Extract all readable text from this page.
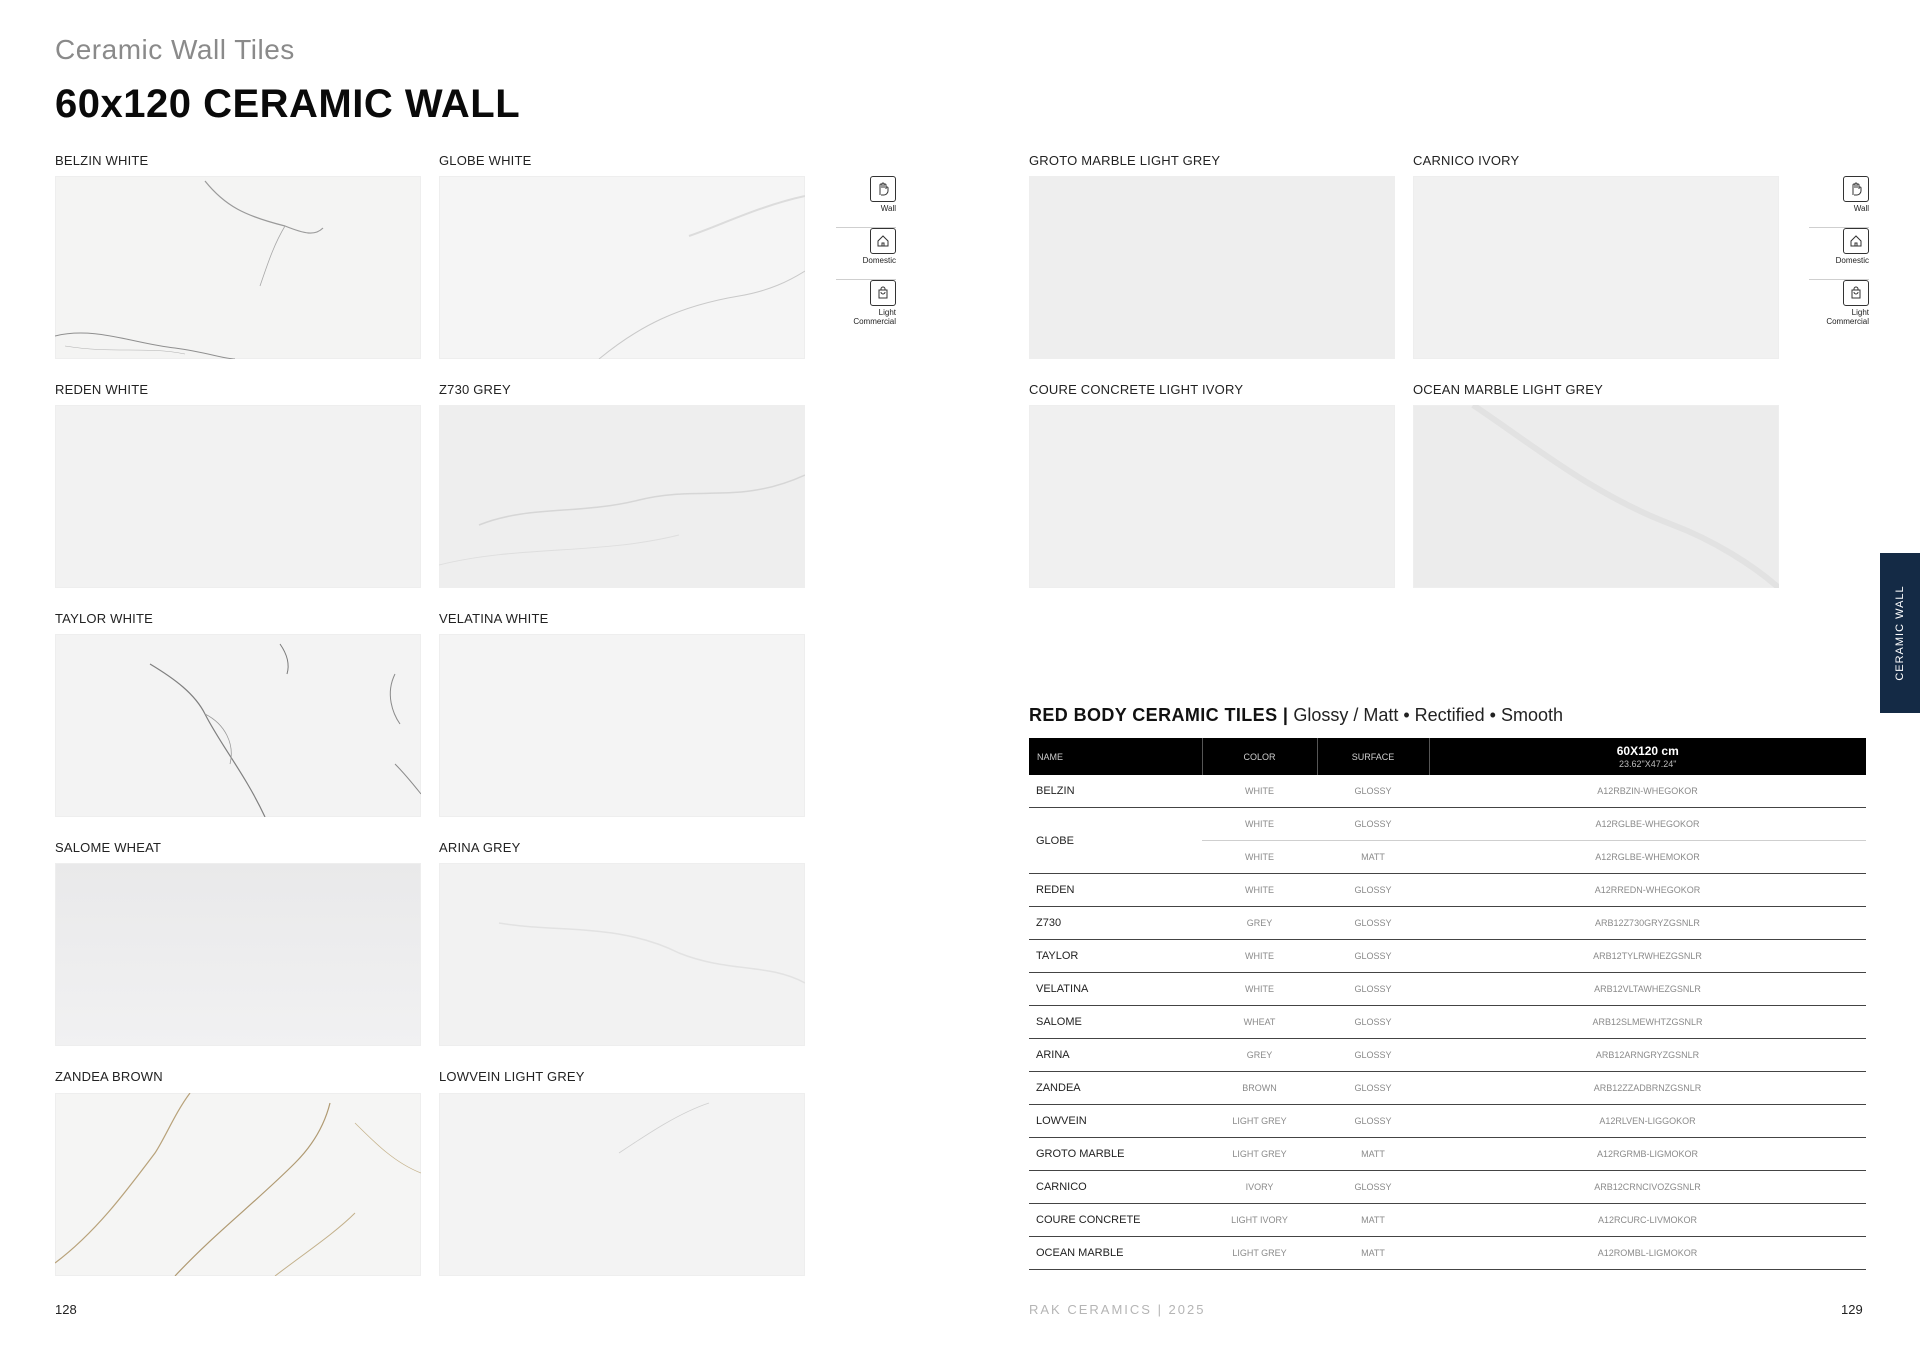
Ceramic Wall Tiles
60x120 CERAMIC WALL
BELZIN WHITE	GLOBE WHITE
REDEN WHITE	Z730 GREY
TAYLOR WHITE	VELATINA WHITE
SALOME WHEAT	ARINA GREY
ZANDEA BROWN	LOWVEIN LIGHT GREY
Wall
Domestic
Light
Commercial
GROTO MARBLE LIGHT GREY	CARNICO IVORY
COURE CONCRETE LIGHT IVORY	OCEAN MARBLE LIGHT GREY
Wall
Domestic
Light
Commercial
CERAMIC WALL
RED BODY CERAMIC TILES | Glossy / Matt • Rectified • Smooth
NAME	COLOR	SURFACE	60X120 cm
23.62"X47.24"

BELZIN	WHITE	GLOSSY	A12RBZIN-WHEGOKOR
GLOBE	WHITE	GLOSSY	A12RGLBE-WHEGOKOR
	WHITE	MATT	A12RGLBE-WHEMOKOR
REDEN	WHITE	GLOSSY	A12RREDN-WHEGOKOR
Z730	GREY	GLOSSY	ARB12Z730GRYZGSNLR
TAYLOR	WHITE	GLOSSY	ARB12TYLRWHEZGSNLR
VELATINA	WHITE	GLOSSY	ARB12VLTAWHEZGSNLR
SALOME	WHEAT	GLOSSY	ARB12SLMEWHTZGSNLR
ARINA	GREY	GLOSSY	ARB12ARNGRYZGSNLR
ZANDEA	BROWN	GLOSSY	ARB12ZZADBRNZGSNLR
LOWVEIN	LIGHT GREY	GLOSSY	A12RLVEN-LIGGOKOR
GROTO MARBLE	LIGHT GREY	MATT	A12RGRMB-LIGMOKOR
CARNICO	IVORY	GLOSSY	ARB12CRNCIVOZGSNLR
COURE CONCRETE	LIGHT IVORY	MATT	A12RCURC-LIVMOKOR
OCEAN MARBLE	LIGHT GREY	MATT	A12ROMBL-LIGMOKOR
128	RAK CERAMICS | 2025	129
